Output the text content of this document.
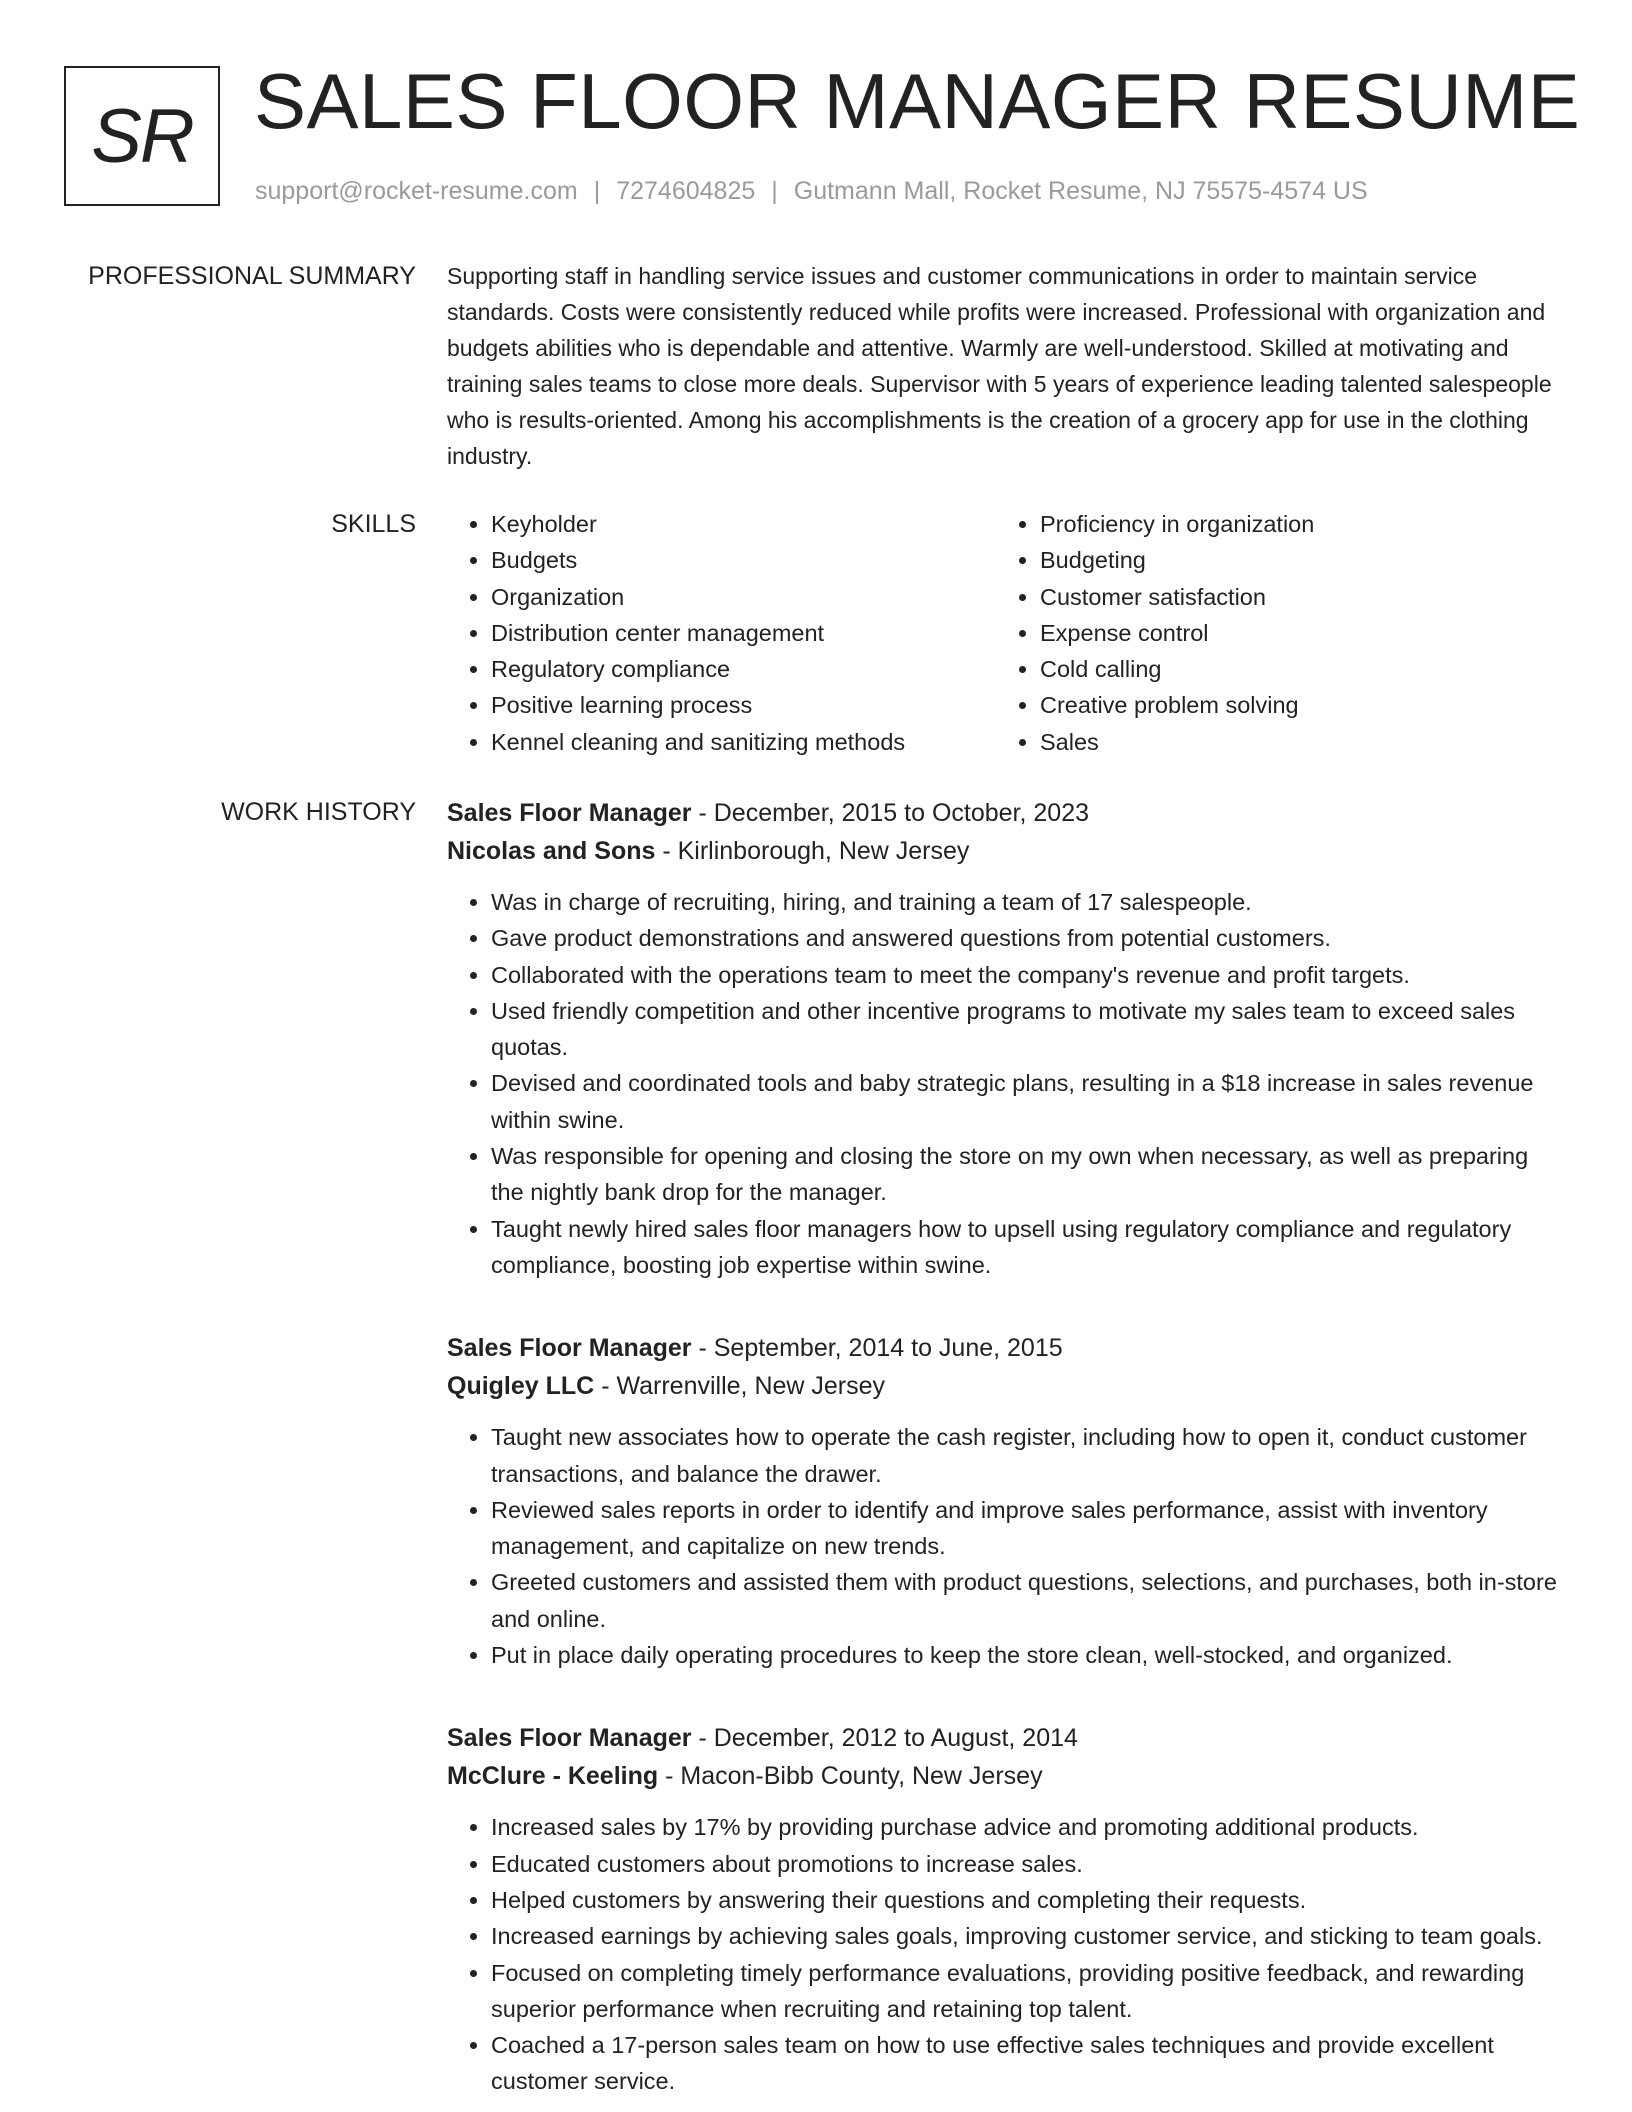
SR SALES FLOOR MANAGER RESUME
support@rocket-resume.com | 7274604825 | Gutmann Mall, Rocket Resume, NJ 75575-4574 US
PROFESSIONAL SUMMARY Supporting staff in handling service issues and customer communications in order to maintain service standards. Costs were consistently reduced while profits were increased. Professional with organization and budgets abilities who is dependable and attentive. Warmly are well-understood. Skilled at motivating and training sales teams to close more deals. Supervisor with 5 years of experience leading talented salespeople who is results-oriented. Among his accomplishments is the creation of a grocery app for use in the clothing industry.

SKILLS
•	Keyholder
• Budgets
• Organization
• Distribution center management
• Regulatory compliance
• Positive learning process
• Kennel cleaning and sanitizing methods
• Proficiency in organization
• Budgeting
• Customer satisfaction
• Expense control
• Cold calling
• Creative problem solving
• Sales
WORK HISTORY Sales Floor Manager - December, 2015 to October, 2023
Nicolas and Sons - Kirlinborough, New Jersey
• Was in charge of recruiting, hiring, and training a team of 17 salespeople.
• Gave product demonstrations and answered questions from potential customers.
• Collaborated with the operations team to meet the company's revenue and profit targets.
• Used friendly competition and other incentive programs to motivate my sales team to exceed sales quotas.
• Devised and coordinated tools and baby strategic plans, resulting in a $18 increase in sales revenue within swine.
• Was responsible for opening and closing the store on my own when necessary, as well as preparing the nightly bank drop for the manager.
• Taught newly hired sales floor managers how to upsell using regulatory compliance and regulatory compliance, boosting job expertise within swine.
Sales Floor Manager - September, 2014 to June, 2015
Quigley LLC - Warrenville, New Jersey
• Taught new associates how to operate the cash register, including how to open it, conduct customer transactions, and balance the drawer.
• Reviewed sales reports in order to identify and improve sales performance, assist with inventory management, and capitalize on new trends.
• Greeted customers and assisted them with product questions, selections, and purchases, both in-store and online.
• Put in place daily operating procedures to keep the store clean, well-stocked, and organized.
Sales Floor Manager - December, 2012 to August, 2014
McClure - Keeling - Macon-Bibb County, New Jersey
• Increased sales by 17% by providing purchase advice and promoting additional products.
• Educated customers about promotions to increase sales.
• Helped customers by answering their questions and completing their requests.
• Increased earnings by achieving sales goals, improving customer service, and sticking to team goals.
• Focused on completing timely performance evaluations, providing positive feedback, and rewarding superior performance when recruiting and retaining top talent.
• Coached a 17-person sales team on how to use effective sales techniques and provide excellent customer service.
